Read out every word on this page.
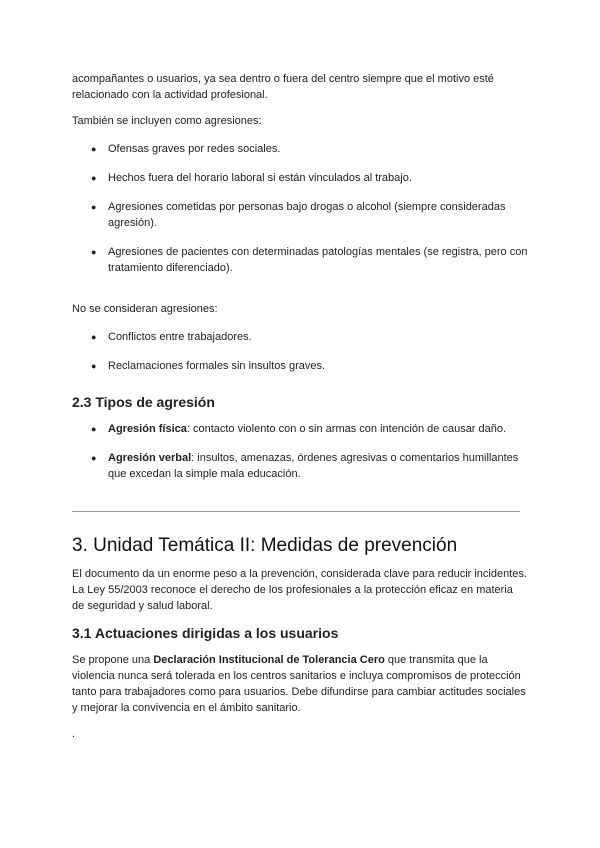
acompañantes o usuarios, ya sea dentro o fuera del centro siempre que el motivo esté relacionado con la actividad profesional.

También se incluyen como agresiones:

● Ofensas graves por redes sociales.
● Hechos fuera del horario laboral si están vinculados al trabajo.
● Agresiones cometidas por personas bajo drogas o alcohol (siempre consideradas agresión).
● Agresiones de pacientes con determinadas patologías mentales (se registra, pero con tratamiento diferenciado).

No se consideran agresiones:

● Conflictos entre trabajadores.
● Reclamaciones formales sin insultos graves.
2.3 Tipos de agresión
● Agresión física: contacto violento con o sin armas con intención de causar daño.
● Agresión verbal: insultos, amenazas, órdenes agresivas o comentarios humillantes que excedan la simple mala educación.
3. Unidad Temática II: Medidas de prevención

El documento da un enorme peso a la prevención, considerada clave para reducir incidentes. La Ley 55/2003 reconoce el derecho de los profesionales a la protección eficaz en materia de seguridad y salud laboral.

3.1 Actuaciones dirigidas a los usuarios

Se propone una Declaración Institucional de Tolerancia Cero que transmita que la violencia nunca será tolerada en los centros sanitarios e incluya compromisos de protección tanto para trabajadores como para usuarios. Debe difundirse para cambiar actitudes sociales y mejorar la convivencia en el ámbito sanitario.

.
